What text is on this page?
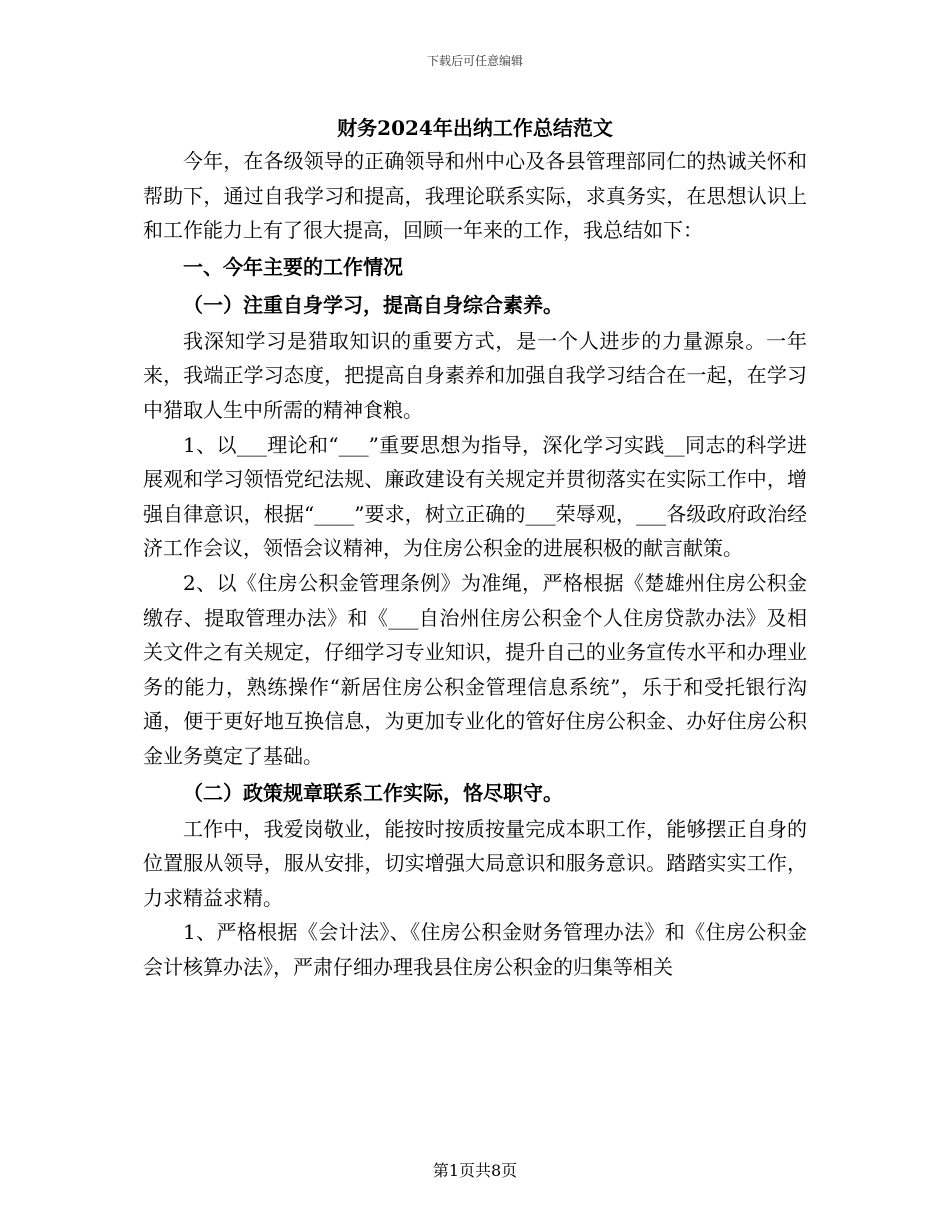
下载后可任意编辑
财务2024年出纳工作总结范文

今年，在各级领导的正确领导和州中心及各县管理部同仁的热诚关怀和帮助下，通过自我学习和提高，我理论联系实际，求真务实，在思想认识上和工作能力上有了很大提高，回顾一年来的工作，我总结如下：

一、今年主要的工作情况

（一）注重自身学习，提高自身综合素养。

我深知学习是猎取知识的重要方式，是一个人进步的力量源泉。一年来，我端正学习态度，把提高自身素养和加强自我学习结合在一起，在学习中猎取人生中所需的精神食粮。

1、以___理论和“___”重要思想为指导，深化学习实践__同志的科学进展观和学习领悟党纪法规、廉政建设有关规定并贯彻落实在实际工作中，增强自律意识，根据“____”要求，树立正确的___荣辱观，___各级政府政治经济工作会议，领悟会议精神，为住房公积金的进展积极的献言献策。

2、以《住房公积金管理条例》为准绳，严格根据《楚雄州住房公积金缴存、提取管理办法》和《___自治州住房公积金个人住房贷款办法》及相关文件之有关规定，仔细学习专业知识，提升自己的业务宣传水平和办理业务的能力，熟练操作“新居住房公积金管理信息系统”，乐于和受托银行沟通，便于更好地互换信息，为更加专业化的管好住房公积金、办好住房公积金业务奠定了基础。

（二）政策规章联系工作实际，恪尽职守。

工作中，我爱岗敬业，能按时按质按量完成本职工作，能够摆正自身的位置服从领导，服从安排，切实增强大局意识和服务意识。踏踏实实工作，力求精益求精。

1、严格根据《会计法》、《住房公积金财务管理办法》和《住房公积金会计核算办法》，严肃仔细办理我县住房公积金的归集等相关

第1页共8页
